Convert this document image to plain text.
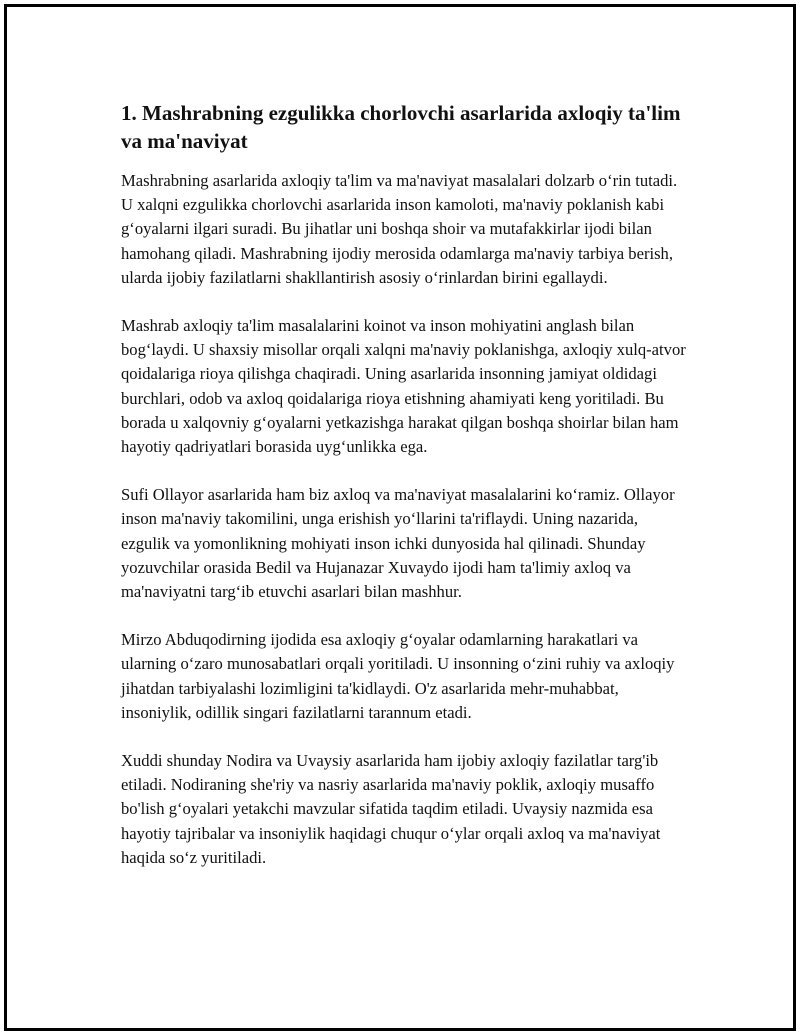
1. Mashrabning ezgulikka chorlovchi asarlarida axloqiy ta'lim va ma'naviyat

Mashrabning asarlarida axloqiy ta'lim va ma'naviyat masalalari dolzarb o‘rin tutadi. U xalqni ezgulikka chorlovchi asarlarida inson kamoloti, ma'naviy poklanish kabi g‘oyalarni ilgari suradi. Bu jihatlar uni boshqa shoir va mutafakkirlar ijodi bilan hamohang qiladi. Mashrabning ijodiy merosida odamlarga ma'naviy tarbiya berish, ularda ijobiy fazilatlarni shakllantirish asosiy o‘rinlardan birini egallaydi.

Mashrab axloqiy ta'lim masalalarini koinot va inson mohiyatini anglash bilan bog‘laydi. U shaxsiy misollar orqali xalqni ma'naviy poklanishga, axloqiy xulq-atvor qoidalariga rioya qilishga chaqiradi. Uning asarlarida insonning jamiyat oldidagi burchlari, odob va axloq qoidalariga rioya etishning ahamiyati keng yoritiladi. Bu borada u xalqovniy g‘oyalarni yetkazishga harakat qilgan boshqa shoirlar bilan ham hayotiy qadriyatlari borasida uyg‘unlikka ega.

Sufi Ollayor asarlarida ham biz axloq va ma'naviyat masalalarini ko‘ramiz. Ollayor inson ma'naviy takomilini, unga erishish yo‘llarini ta'riflaydi. Uning nazarida, ezgulik va yomonlikning mohiyati inson ichki dunyosida hal qilinadi. Shunday yozuvchilar orasida Bedil va Hujanazar Xuvaydo ijodi ham ta'limiy axloq va ma'naviyatni targ‘ib etuvchi asarlari bilan mashhur.

Mirzo Abduqodirning ijodida esa axloqiy g‘oyalar odamlarning harakatlari va ularning o‘zaro munosabatlari orqali yoritiladi. U insonning o‘zini ruhiy va axloqiy jihatdan tarbiyalashi lozimligini ta'kidlaydi. O'z asarlarida mehr-muhabbat, insoniylik, odillik singari fazilatlarni tarannum etadi.

Xuddi shunday Nodira va Uvaysiy asarlarida ham ijobiy axloqiy fazilatlar targ'ib etiladi. Nodiraning she'riy va nasriy asarlarida ma'naviy poklik, axloqiy musaffo bo'lish g‘oyalari yetakchi mavzular sifatida taqdim etiladi. Uvaysiy nazmida esa hayotiy tajribalar va insoniylik haqidagi chuqur o‘ylar orqali axloq va ma'naviyat haqida so‘z yuritiladi.
